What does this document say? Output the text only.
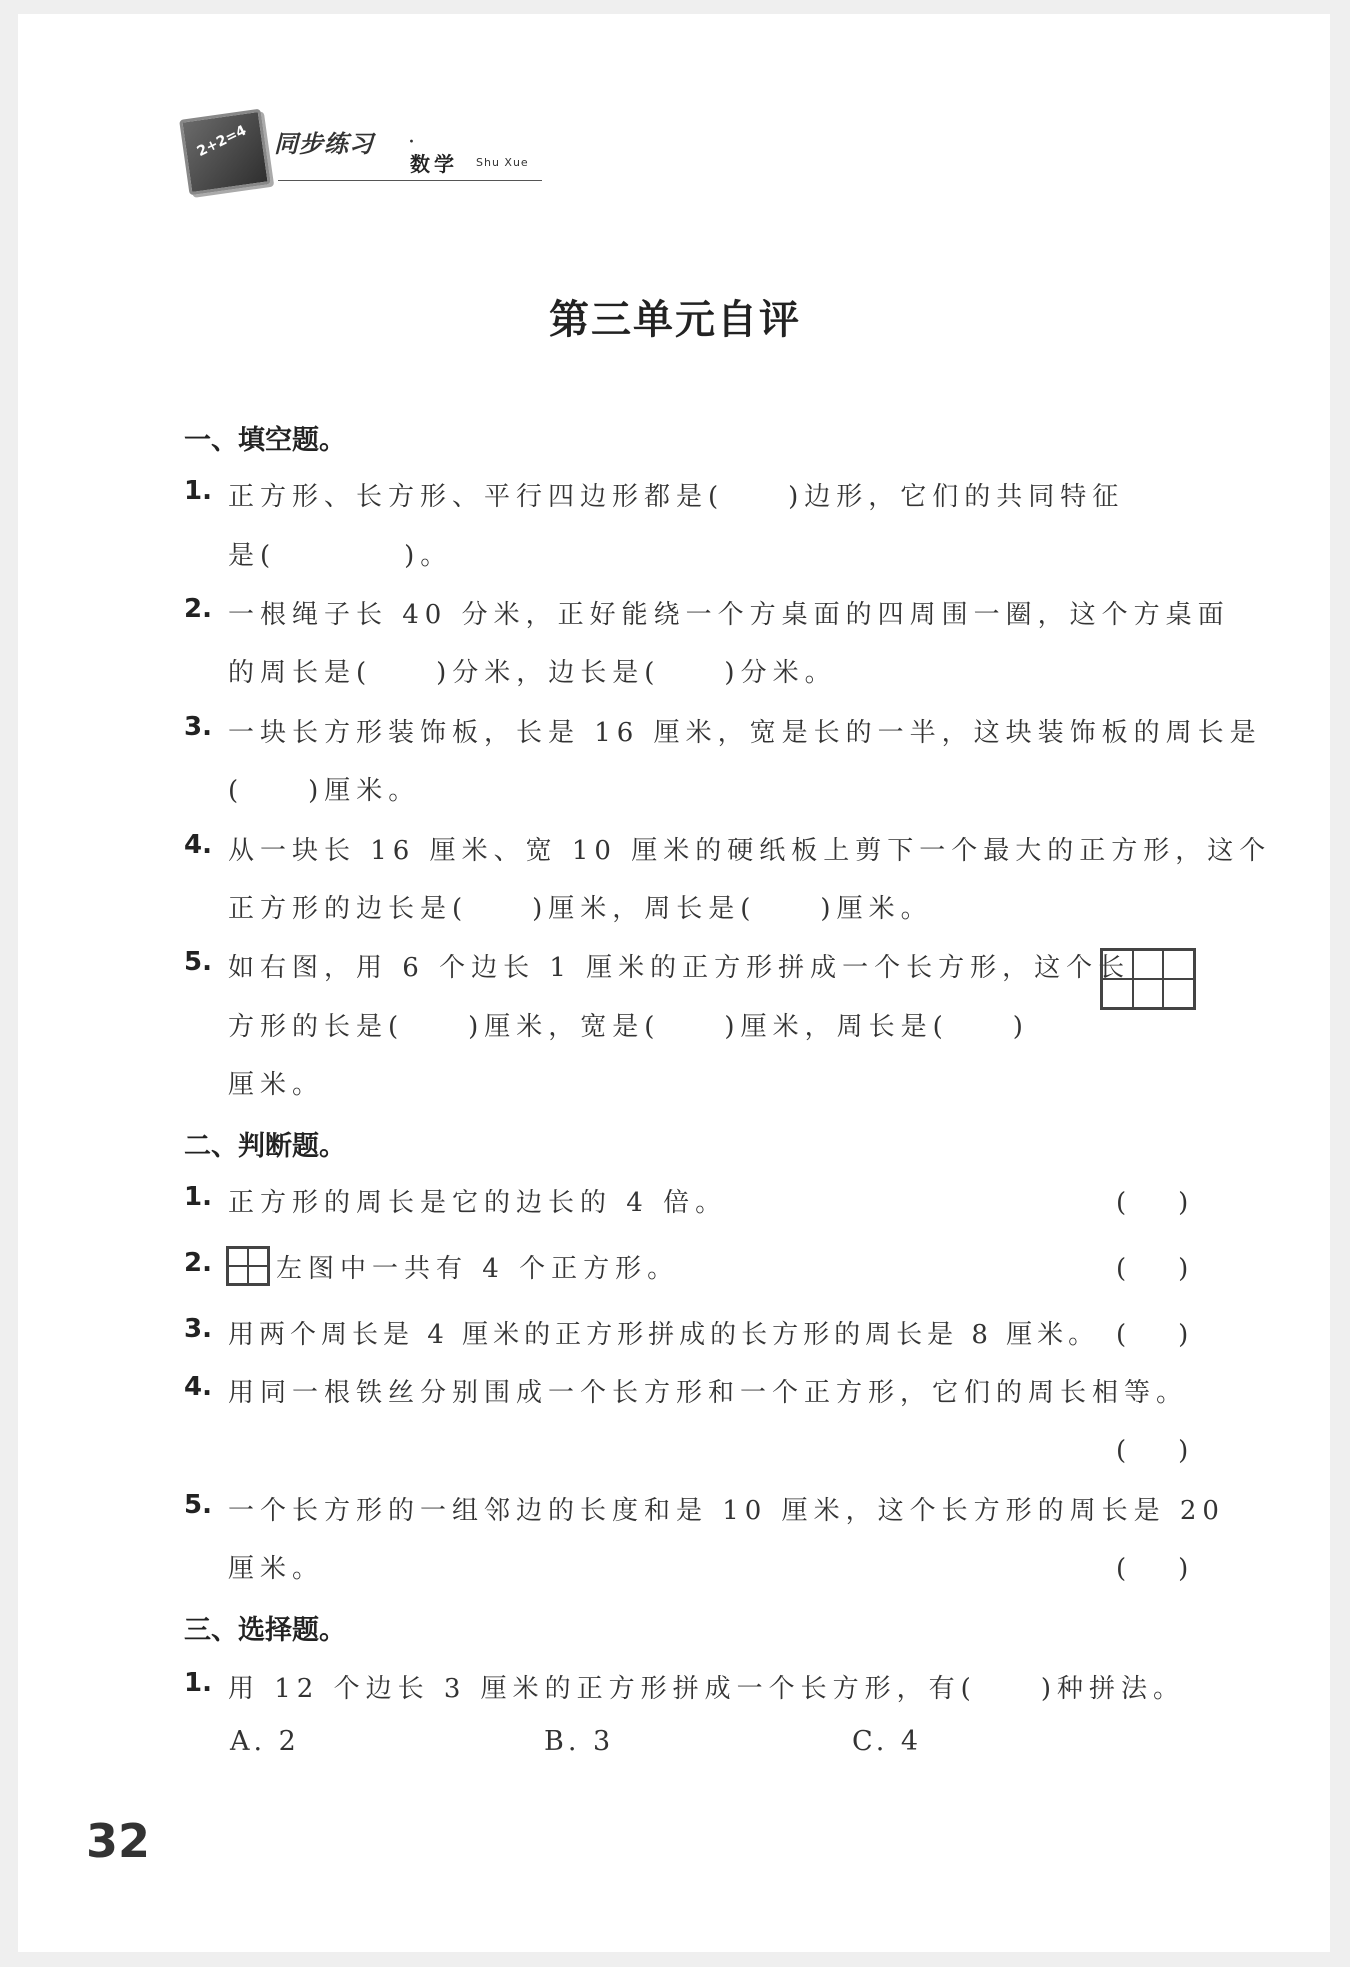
2+2=4 同步练习 ·
数学 Shu Xue
第三单元自评
一、填空题。
1. 正方形、长方形、平行四边形都是(　　)边形，它们的共同特征
是(　　　　)。
2. 一根绳子长 40 分米，正好能绕一个方桌面的四周围一圈，这个方桌面
的周长是(　　)分米，边长是(　　)分米。
3. 一块长方形装饰板，长是 16 厘米，宽是长的一半，这块装饰板的周长是
(　　)厘米。
4. 从一块长 16 厘米、宽 10 厘米的硬纸板上剪下一个最大的正方形，这个
正方形的边长是(　　)厘米，周长是(　　)厘米。
5. 如右图，用 6 个边长 1 厘米的正方形拼成一个长方形，这个长
方形的长是(　　)厘米，宽是(　　)厘米，周长是(　　)
厘米。
二、判断题。
1. 正方形的周长是它的边长的 4 倍。	(　　)
2. 左图中一共有 4 个正方形。	(　　)
3. 用两个周长是 4 厘米的正方形拼成的长方形的周长是 8 厘米。 (　　)
4. 用同一根铁丝分别围成一个长方形和一个正方形，它们的周长相等。
(　　)
5. 一个长方形的一组邻边的长度和是 10 厘米，这个长方形的周长是 20
厘米。	(　　)
三、选择题。
1. 用 12 个边长 3 厘米的正方形拼成一个长方形，有(　　)种拼法。
A. 2	B. 3	C. 4
32
